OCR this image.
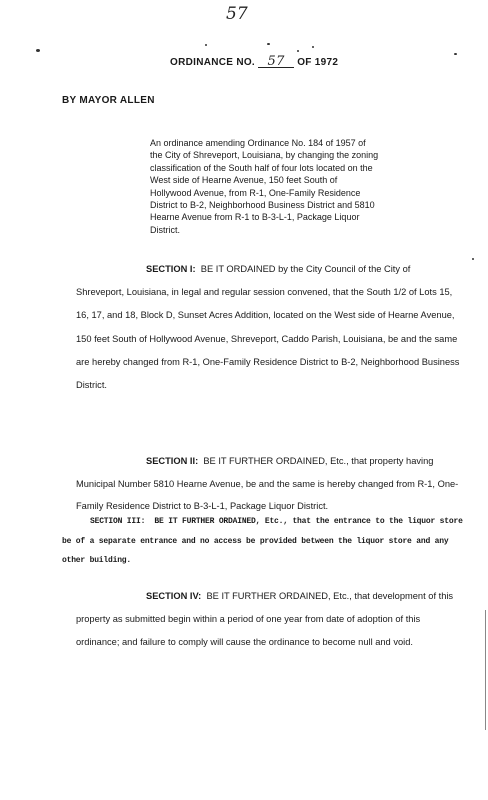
57
ORDINANCE NO. 57 OF 1972
BY MAYOR ALLEN

An ordinance amending Ordinance No. 184 of 1957 of the City of Shreveport, Louisiana, by changing the zoning classification of the South half of four lots located on the West side of Hearne Avenue, 150 feet South of Hollywood Avenue, from R-1, One-Family Residence District to B-2, Neighborhood Business District and 5810 Hearne Avenue from R-1 to B-3-L-1, Package Liquor District.

SECTION I: BE IT ORDAINED by the City Council of the City of Shreveport, Louisiana, in legal and regular session convened, that the South 1/2 of Lots 15, 16, 17, and 18, Block D, Sunset Acres Addition, located on the West side of Hearne Avenue, 150 feet South of Hollywood Avenue, Shreveport, Caddo Parish, Louisiana, be and the same are hereby changed from R-1, One-Family Residence District to B-2, Neighborhood Business District.

SECTION II: BE IT FURTHER ORDAINED, Etc., that property having Municipal Number 5810 Hearne Avenue, be and the same is hereby changed from R-1, One-Family Residence District to B-3-L-1, Package Liquor District.

SECTION III: BE IT FURTHER ORDAINED, Etc., that the entrance to the liquor store be of a separate entrance and no access be provided between the liquor store and any other building.

SECTION IV: BE IT FURTHER ORDAINED, Etc., that development of this property as submitted begin within a period of one year from date of adoption of this ordinance; and failure to comply will cause the ordinance to become null and void.
